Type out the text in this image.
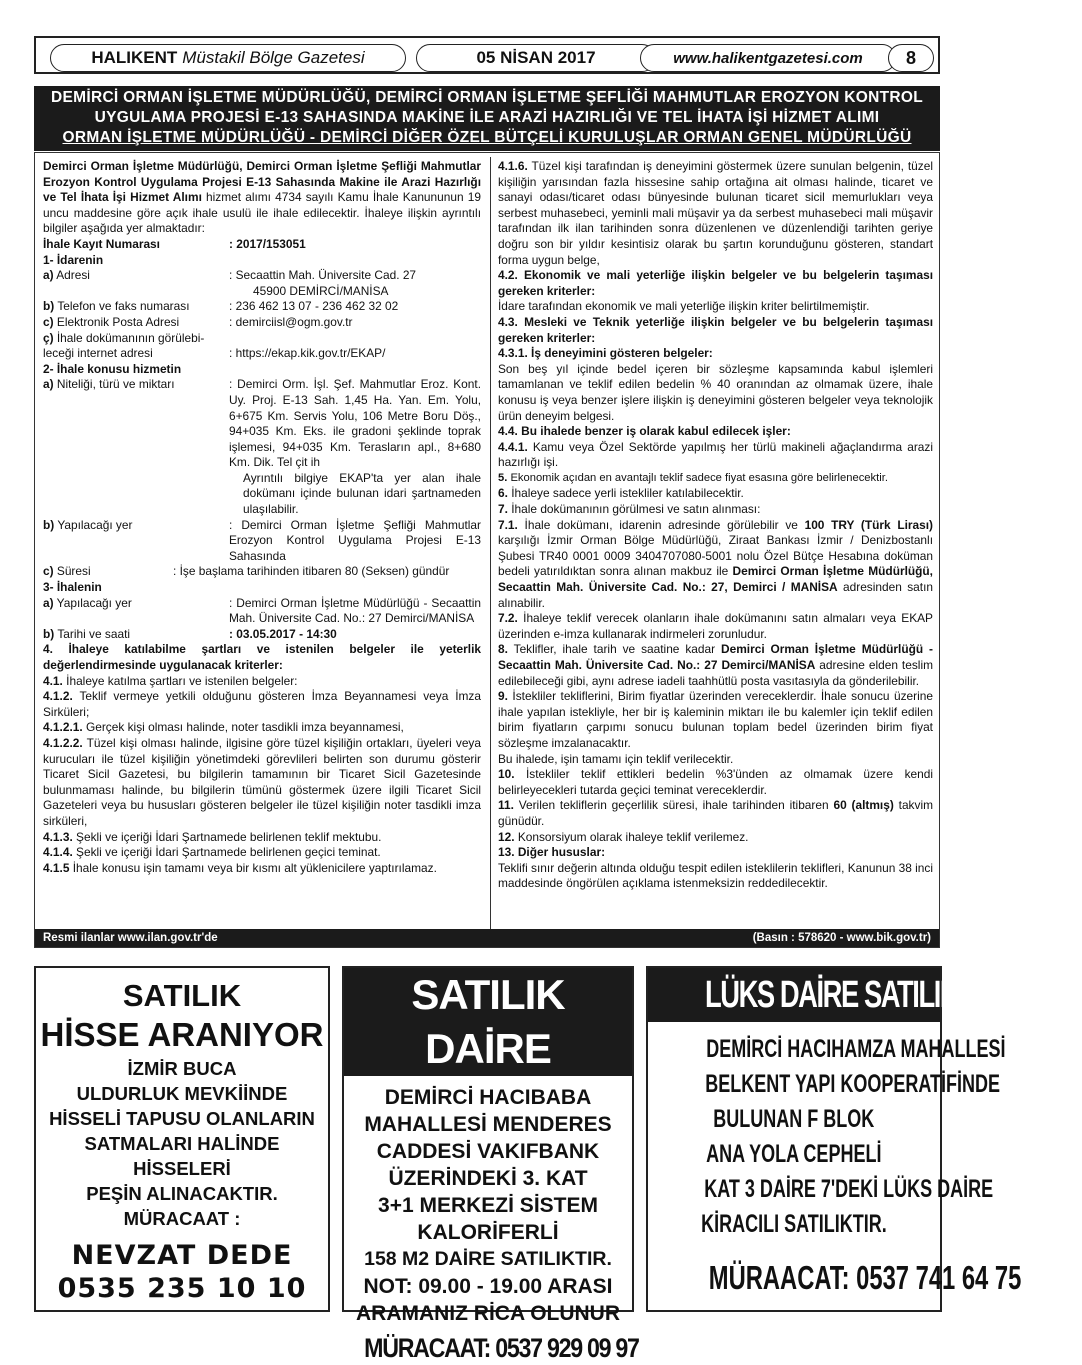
HALIKENT Müstakil Bölge Gazetesi	05 NİSAN 2017	www.halikentgazetesi.com	8
DEMİRCİ ORMAN İŞLETME MÜDÜRLÜĞÜ, DEMİRCİ ORMAN İŞLETME ŞEFLİĞİ MAHMUTLAR EROZYON KONTROL
UYGULAMA PROJESİ E-13 SAHASINDA MAKİNE İLE ARAZİ HAZIRLIĞI VE TEL İHATA İŞİ HİZMET ALIMI
ORMAN İŞLETME MÜDÜRLÜĞÜ - DEMİRCİ DİĞER ÖZEL BÜTÇELİ KURULUŞLAR ORMAN GENEL MÜDÜRLÜĞÜ
Demirci Orman İşletme Müdürlüğü, Demirci Orman İşletme Şefliği Mahmutlar Erozyon Kontrol Uygulama Projesi E-13 Sahasında Makine ile Arazi Hazırlığı ve Tel İhata İşi Hizmet Alımı hizmet alımı 4734 sayılı Kamu İhale Kanununun 19 uncu maddesine göre açık ihale usulü ile ihale edilecektir. İhaleye ilişkin ayrıntılı bilgiler aşağıda yer almaktadır:
İhale Kayıt Numarası	: 2017/153051
1- İdarenin
a) Adresi	: Secaattin Mah. Üniversite Cad. 27
45900 DEMİRCİ/MANİSA
b) Telefon ve faks numarası	: 236 462 13 07 - 236 462 32 02
c) Elektronik Posta Adresi	: demirciisl@ogm.gov.tr
ç) İhale dokümanının görülebi-
leceği internet adresi	: https://ekap.kik.gov.tr/EKAP/
2- İhale konusu hizmetin
a) Niteliği, türü ve miktarı	: Demirci Orm. İşl. Şef. Mahmutlar Eroz. Kont. Uy. Proj. E-13 Sah. 1,45 Ha. Yan. Em. Yolu, 6+675 Km. Servis Yolu, 106 Metre Boru Döş., 94+035 Km. Eks. ile gradoni şeklinde toprak işlemesi, 94+035 Km. Terasların apl., 8+680 Km. Dik. Tel çit ih
Ayrıntılı bilgiye EKAP'ta yer alan ihale dokümanı içinde bulunan idari şartnameden ulaşılabilir.
b) Yapılacağı yer	: Demirci Orman İşletme Şefliği Mahmutlar Erozyon Kontrol Uygulama Projesi E-13 Sahasında
c) Süresi	: İşe başlama tarihinden itibaren 80 (Seksen) gündür
3- İhalenin
a) Yapılacağı yer	: Demirci Orman İşletme Müdürlüğü - Secaattin Mah. Üniversite Cad. No.: 27 Demirci/MANİSA
b) Tarihi ve saati	: 03.05.2017 - 14:30
4. İhaleye katılabilme şartları ve istenilen belgeler ile yeterlik değerlendirmesinde uygulanacak kriterler:
4.1. İhaleye katılma şartları ve istenilen belgeler:
4.1.2. Teklif vermeye yetkili olduğunu gösteren İmza Beyannamesi veya İmza Sirküleri;
4.1.2.1. Gerçek kişi olması halinde, noter tasdikli imza beyannamesi,
4.1.2.2. Tüzel kişi olması halinde, ilgisine göre tüzel kişiliğin ortakları, üyeleri veya kurucuları ile tüzel kişiliğin yönetimdeki görevlileri belirten son durumu gösterir Ticaret Sicil Gazetesi, bu bilgilerin tamamının bir Ticaret Sicil Gazetesinde bulunmaması halinde, bu bilgilerin tümünü göstermek üzere ilgili Ticaret Sicil Gazeteleri veya bu hususları gösteren belgeler ile tüzel kişiliğin noter tasdikli imza sirküleri,
4.1.3. Şekli ve içeriği İdari Şartnamede belirlenen teklif mektubu.
4.1.4. Şekli ve içeriği İdari Şartnamede belirlenen geçici teminat.
4.1.5 İhale konusu işin tamamı veya bir kısmı alt yüklenicilere yaptırılamaz.
4.1.6. Tüzel kişi tarafından iş deneyimini göstermek üzere sunulan belgenin, tüzel kişiliğin yarısından fazla hissesine sahip ortağına ait olması halinde, ticaret ve sanayi odası/ticaret odası bünyesinde bulunan ticaret sicil memurlukları veya serbest muhasebeci, yeminli mali müşavir ya da serbest muhasebeci mali müşavir tarafından ilk ilan tarihinden sonra düzenlenen ve düzenlendiği tarihten geriye doğru son bir yıldır kesintisiz olarak bu şartın korunduğunu gösteren, standart forma uygun belge,
4.2. Ekonomik ve mali yeterliğe ilişkin belgeler ve bu belgelerin taşıması gereken kriterler:
İdare tarafından ekonomik ve mali yeterliğe ilişkin kriter belirtilmemiştir.
4.3. Mesleki ve Teknik yeterliğe ilişkin belgeler ve bu belgelerin taşıması gereken kriterler:
4.3.1. İş deneyimini gösteren belgeler:
Son beş yıl içinde bedel içeren bir sözleşme kapsamında kabul işlemleri tamamlanan ve teklif edilen bedelin % 40 oranından az olmamak üzere, ihale konusu iş veya benzer işlere ilişkin iş deneyimini gösteren belgeler veya teknolojik ürün deneyim belgesi.
4.4. Bu ihalede benzer iş olarak kabul edilecek işler:
4.4.1. Kamu veya Özel Sektörde yapılmış her türlü makineli ağaçlandırma arazi hazırlığı işi.
5. Ekonomik açıdan en avantajlı teklif sadece fiyat esasına göre belirlenecektir.
6. İhaleye sadece yerli istekliler katılabilecektir.
7. İhale dokümanının görülmesi ve satın alınması:
7.1. İhale dokümanı, idarenin adresinde görülebilir ve 100 TRY (Türk Lirası) karşılığı İzmir Orman Bölge Müdürlüğü, Ziraat Bankası İzmir / Denizbostanlı Şubesi TR40 0001 0009 3404707080-5001 nolu Özel Bütçe Hesabına doküman bedeli yatırıldıktan sonra alınan makbuz ile Demirci Orman İşletme Müdürlüğü, Secaattin Mah. Üniversite Cad. No.: 27, Demirci / MANİSA adresinden satın alınabilir.
7.2. İhaleye teklif verecek olanların ihale dokümanını satın almaları veya EKAP üzerinden e-imza kullanarak indirmeleri zorunludur.
8. Teklifler, ihale tarih ve saatine kadar Demirci Orman İşletme Müdürlüğü - Secaattin Mah. Üniversite Cad. No.: 27 Demirci/MANİSA adresine elden teslim edilebileceği gibi, aynı adrese iadeli taahhütlü posta vasıtasıyla da gönderilebilir.
9. İstekliler tekliflerini, Birim fiyatlar üzerinden vereceklerdir. İhale sonucu üzerine ihale yapılan istekliyle, her bir iş kaleminin miktarı ile bu kalemler için teklif edilen birim fiyatların çarpımı sonucu bulunan toplam bedel üzerinden birim fiyat sözleşme imzalanacaktır.
Bu ihalede, işin tamamı için teklif verilecektir.
10. İstekliler teklif ettikleri bedelin %3'ünden az olmamak üzere kendi belirleyecekleri tutarda geçici teminat vereceklerdir.
11. Verilen tekliflerin geçerlilik süresi, ihale tarihinden itibaren 60 (altmış) takvim günüdür.
12. Konsorsiyum olarak ihaleye teklif verilemez.
13. Diğer hususlar:
Teklifi sınır değerin altında olduğu tespit edilen isteklilerin teklifleri, Kanunun 38 inci maddesinde öngörülen açıklama istenmeksizin reddedilecektir.
Resmi ilanlar www.ilan.gov.tr'de	(Basın : 578620 - www.bik.gov.tr)
SATILIK
HİSSE ARANIYOR
İZMİR BUCA
ULDURLUK MEVKİİNDE
HİSSELİ TAPUSU OLANLARIN
SATMALARI HALİNDE
HİSSELERİ
PEŞİN ALINACAKTIR.
MÜRACAAT :
NEVZAT DEDE
0535 235 10 10
SATILIK DAİRE
DEMİRCİ HACIBABA
MAHALLESİ MENDERES
CADDESİ VAKIFBANK
ÜZERİNDEKİ 3. KAT
3+1 MERKEZİ SİSTEM
KALORİFERLİ
158 M2 DAİRE SATILIKTIR.
NOT: 09.00 - 19.00 ARASI
ARAMANIZ RİCA OLUNUR
MÜRACAAT: 0537 929 09 97
LÜKS DAİRE SATILIKTIR
DEMİRCİ HACIHAMZA MAHALLESİ
BELKENT YAPI KOOPERATİFİNDE
BULUNAN F BLOK
ANA YOLA CEPHELİ
KAT 3 DAİRE 7'DEKİ LÜKS DAİRE
KİRACILI SATILIKTIR.
MÜRAACAT: 0537 741 64 75
